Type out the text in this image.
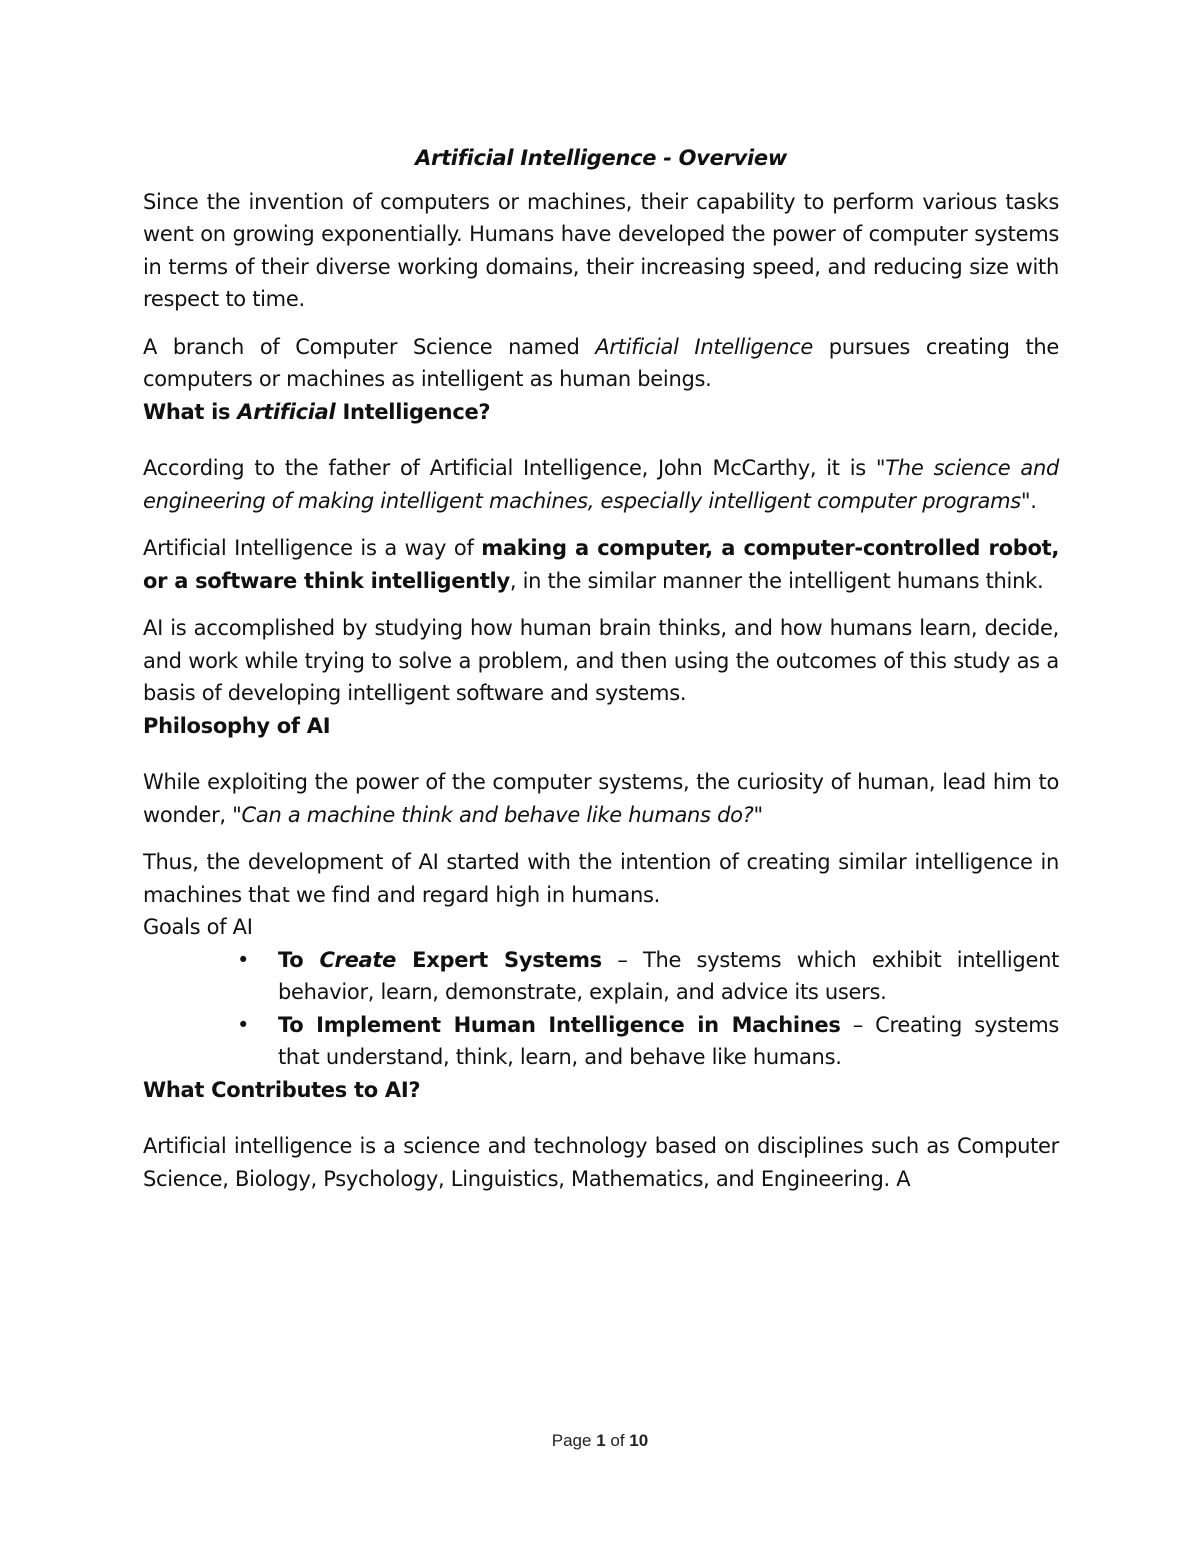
Artificial Intelligence - Overview

Since the invention of computers or machines, their capability to perform various tasks went on growing exponentially. Humans have developed the power of computer systems in terms of their diverse working domains, their increasing speed, and reducing size with respect to time.

A branch of Computer Science named Artificial Intelligence pursues creating the computers or machines as intelligent as human beings.

What is Artificial Intelligence?

According to the father of Artificial Intelligence, John McCarthy, it is "The science and engineering of making intelligent machines, especially intelligent computer programs".

Artificial Intelligence is a way of making a computer, a computer-controlled robot, or a software think intelligently, in the similar manner the intelligent humans think.

AI is accomplished by studying how human brain thinks, and how humans learn, decide, and work while trying to solve a problem, and then using the outcomes of this study as a basis of developing intelligent software and systems.

Philosophy of AI

While exploiting the power of the computer systems, the curiosity of human, lead him to wonder, "Can a machine think and behave like humans do?"

Thus, the development of AI started with the intention of creating similar intelligence in machines that we find and regard high in humans.

Goals of AI

• To Create Expert Systems – The systems which exhibit intelligent behavior, learn, demonstrate, explain, and advice its users.
• To Implement Human Intelligence in Machines – Creating systems that understand, think, learn, and behave like humans.

What Contributes to AI?

Artificial intelligence is a science and technology based on disciplines such as Computer Science, Biology, Psychology, Linguistics, Mathematics, and Engineering. A

Page 1 of 10
